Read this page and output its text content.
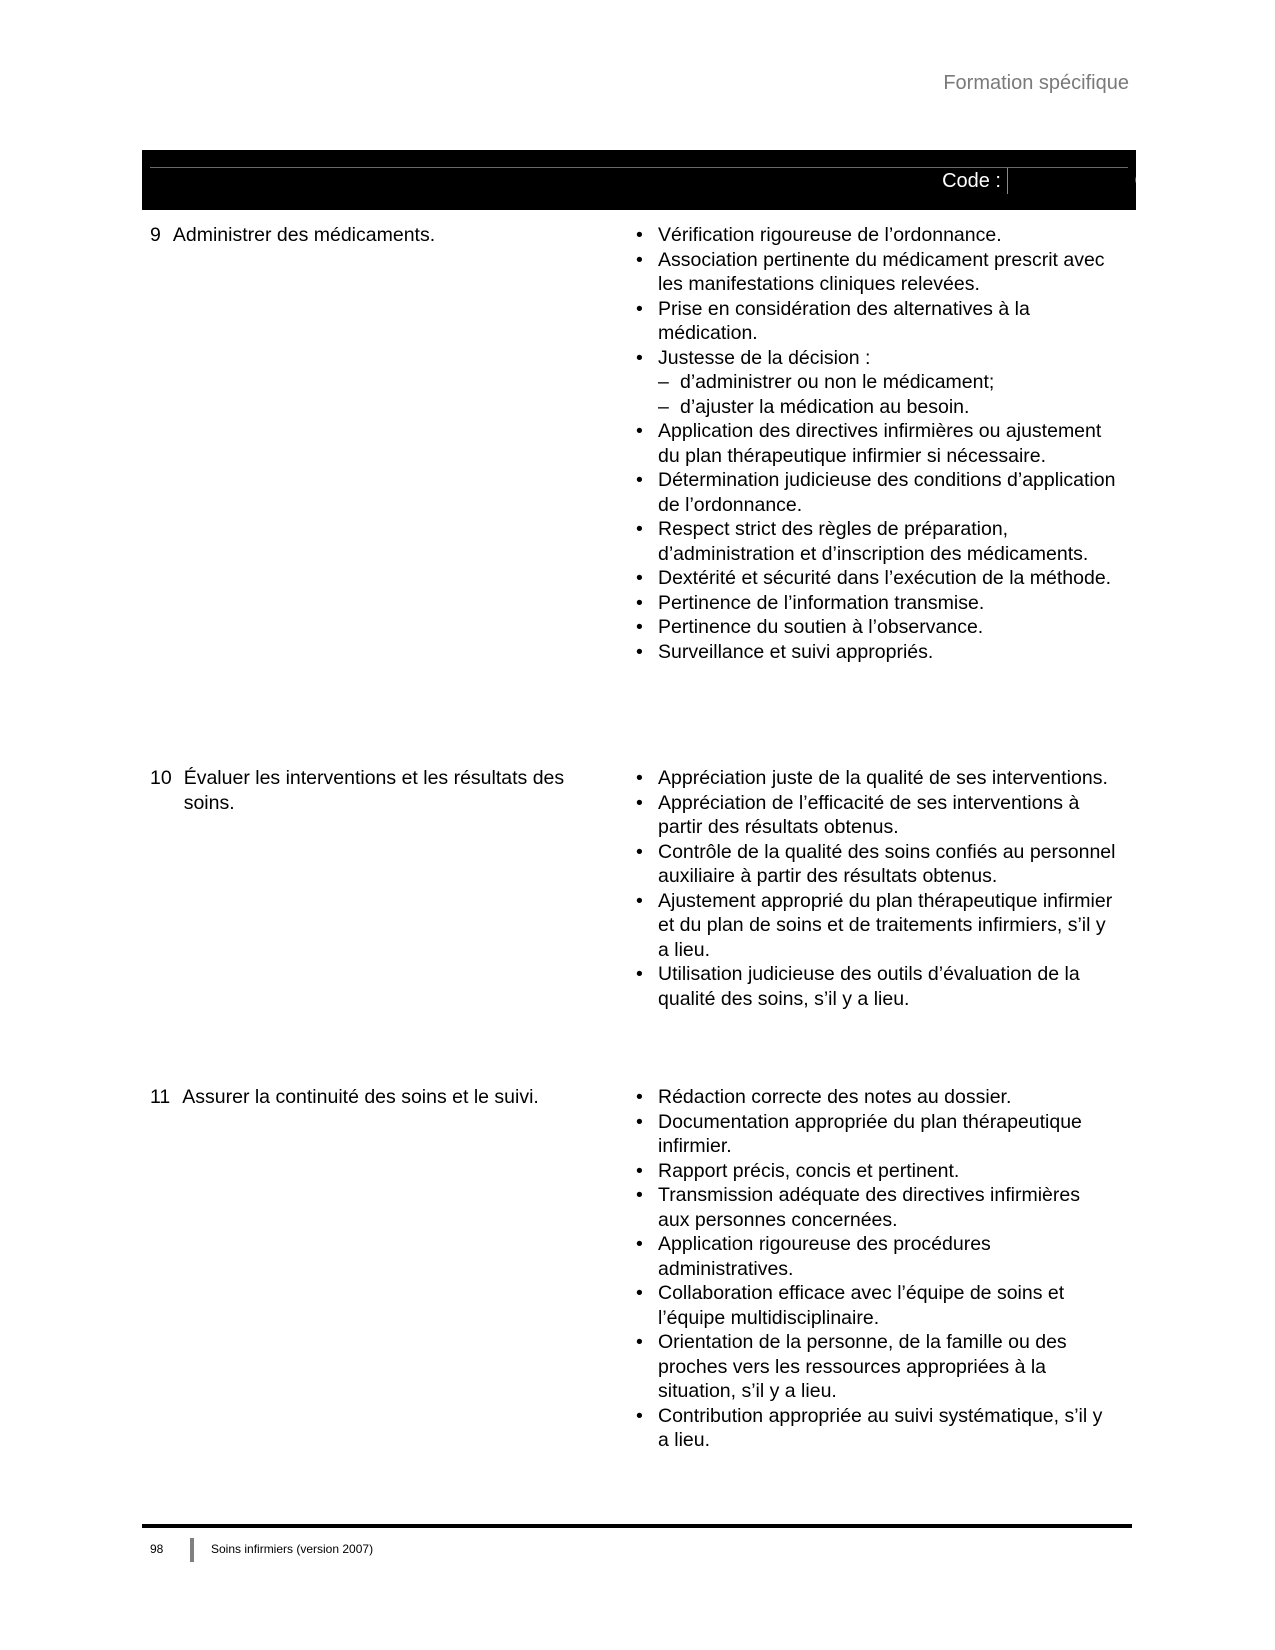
Formation spécifique
Code :	01QE
9 Administrer des médicaments.	• Vérification rigoureuse de l’ordonnance.
• Association pertinente du médicament prescrit avec les manifestations cliniques relevées.
• Prise en considération des alternatives à la médication.
• Justesse de la décision :
– d’administrer ou non le médicament;
– d’ajuster la médication au besoin.
• Application des directives infirmières ou ajustement du plan thérapeutique infirmier si nécessaire.
• Détermination judicieuse des conditions d’application de l’ordonnance.
• Respect strict des règles de préparation, d’administration et d’inscription des médicaments.
• Dextérité et sécurité dans l’exécution de la méthode.
• Pertinence de l’information transmise.
• Pertinence du soutien à l’observance.
• Surveillance et suivi appropriés.
10 Évaluer les interventions et les résultats des soins.
• Appréciation juste de la qualité de ses interventions.
• Appréciation de l’efficacité de ses interventions à partir des résultats obtenus.
• Contrôle de la qualité des soins confiés au personnel auxiliaire à partir des résultats obtenus.
• Ajustement approprié du plan thérapeutique infirmier et du plan de soins et de traitements infirmiers, s’il y a lieu.
• Utilisation judicieuse des outils d’évaluation de la qualité des soins, s’il y a lieu.
11 Assurer la continuité des soins et le suivi.	• Rédaction correcte des notes au dossier.
• Documentation appropriée du plan thérapeutique infirmier.
• Rapport précis, concis et pertinent.
• Transmission adéquate des directives infirmières aux personnes concernées.
• Application rigoureuse des procédures administratives.
• Collaboration efficace avec l’équipe de soins et l’équipe multidisciplinaire.
• Orientation de la personne, de la famille ou des proches vers les ressources appropriées à la situation, s’il y a lieu.
• Contribution appropriée au suivi systématique, s’il y a lieu.
98	Soins infirmiers (version 2007)
